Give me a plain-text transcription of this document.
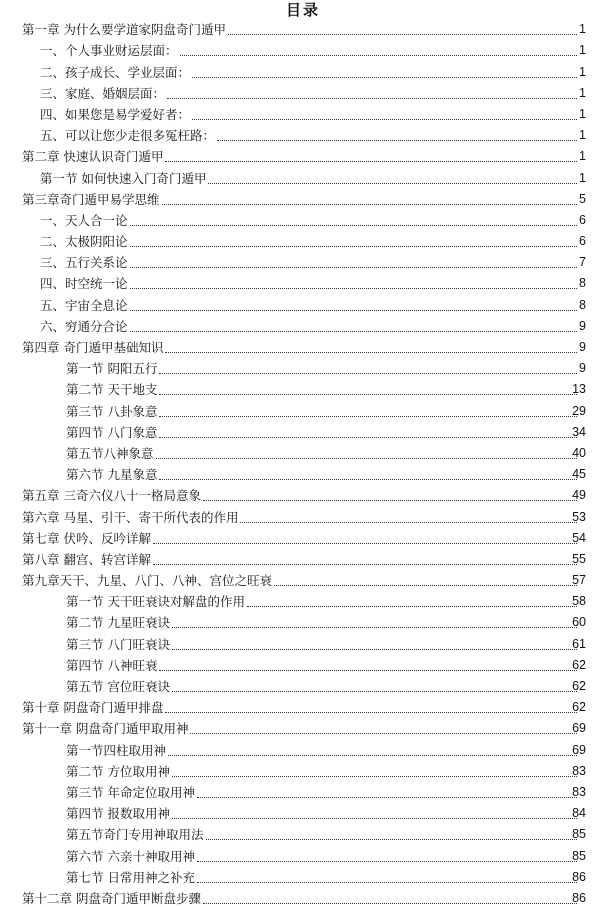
目录
第一章 为什么要学道家阴盘奇门遁甲	1
一、个人事业财运层面：	1
二、孩子成长、学业层面：	1
三、家庭、婚姻层面：	1
四、如果您是易学爱好者：	1
五、可以让您少走很多冤枉路：	1
第二章 快速认识奇门遁甲	1
第一节 如何快速入门奇门遁甲	1
第三章奇门遁甲易学思维	5
一、天人合一论	6
二、太极阴阳论	6
三、五行关系论	7
四、时空统一论	8
五、宇宙全息论	8
六、穷通分合论	9
第四章 奇门遁甲基础知识	9
第一节 阴阳五行	9
第二节 天干地支	13
第三节 八卦象意	29
第四节 八门象意	34
第五节八神象意	40
第六节 九星象意	45
第五章 三奇六仪八十一格局意象	49
第六章 马星、引干、寄干所代表的作用	53
第七章 伏吟、反吟详解	54
第八章 翻宫、转宫详解	55
第九章天干、九星、八门、八神、宫位之旺衰	57
第一节 天干旺衰诀对解盘的作用	58
第二节 九星旺衰诀	60
第三节 八门旺衰诀	61
第四节 八神旺衰	62
第五节 宫位旺衰诀	62
第十章 阴盘奇门遁甲排盘	62
第十一章 阴盘奇门遁甲取用神	69
第一节四柱取用神	69
第二节 方位取用神	83
第三节 年命定位取用神	83
第四节 报数取用神	84
第五节奇门专用神取用法	85
第六节 六亲十神取用神	85
第七节 日常用神之补充	86
第十二章 阴盘奇门遁甲断盘步骤	86
